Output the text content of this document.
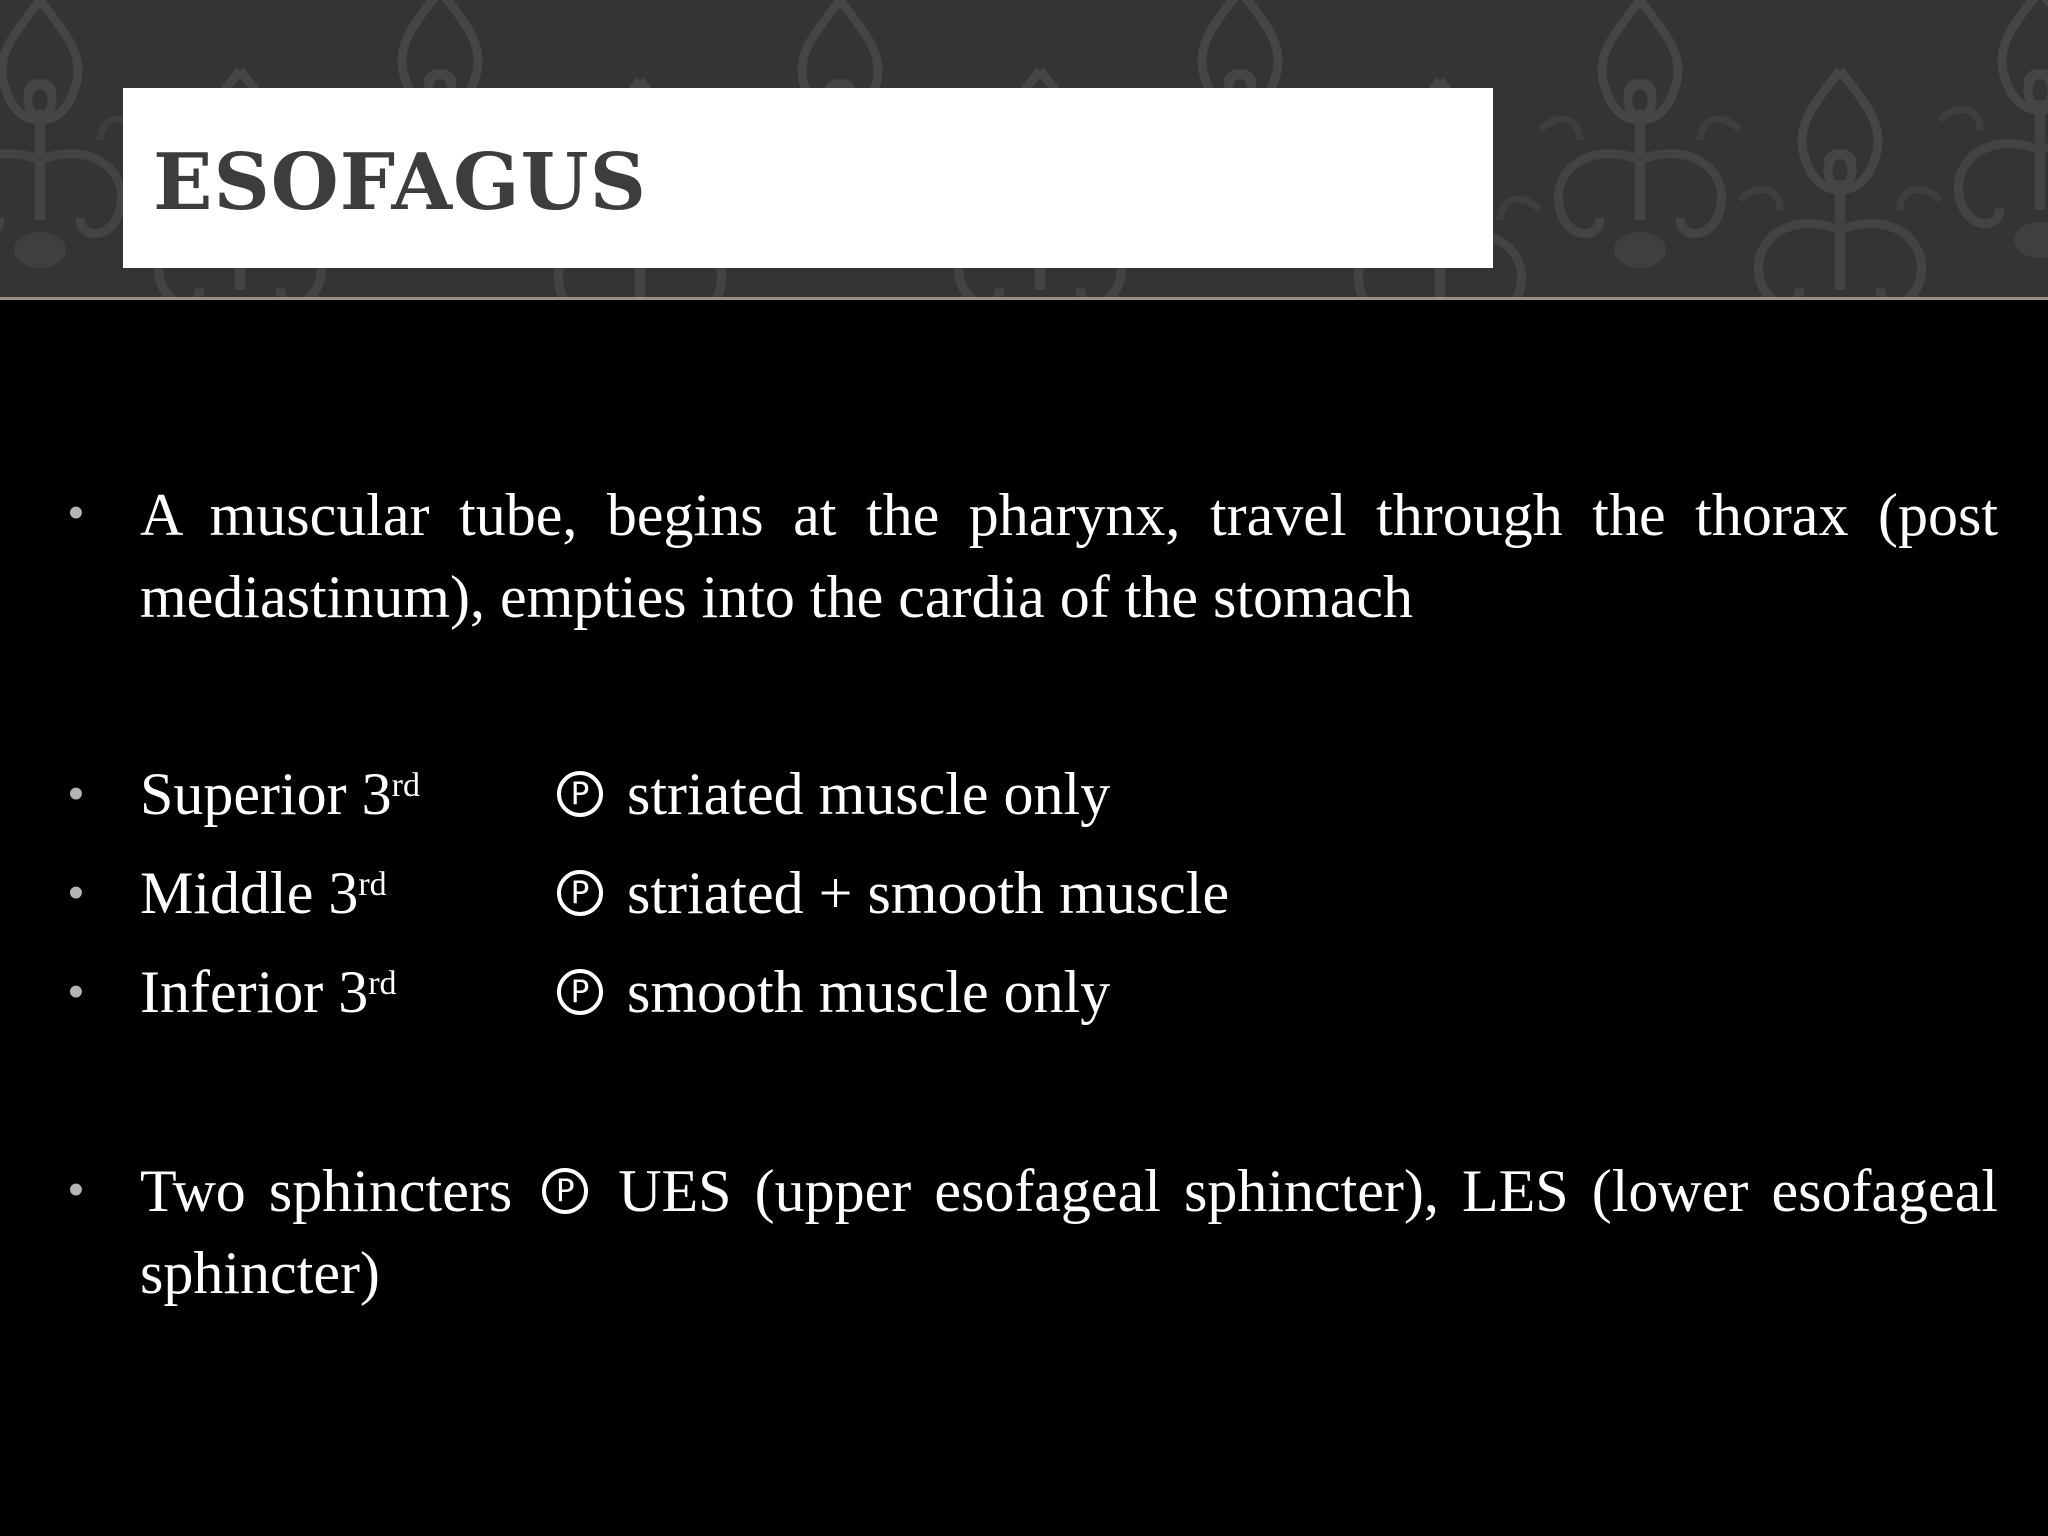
ESOFAGUS
• A muscular tube, begins at the pharynx, travel through the thorax (post mediastinum), empties into the cardia of the stomach

• Superior 3rd	P striated muscle only
• Middle 3rd	P striated + smooth muscle
• Inferior 3rd	P smooth muscle only
• Two sphincters P UES (upper esofageal sphincter), LES (lower esofageal sphincter)
